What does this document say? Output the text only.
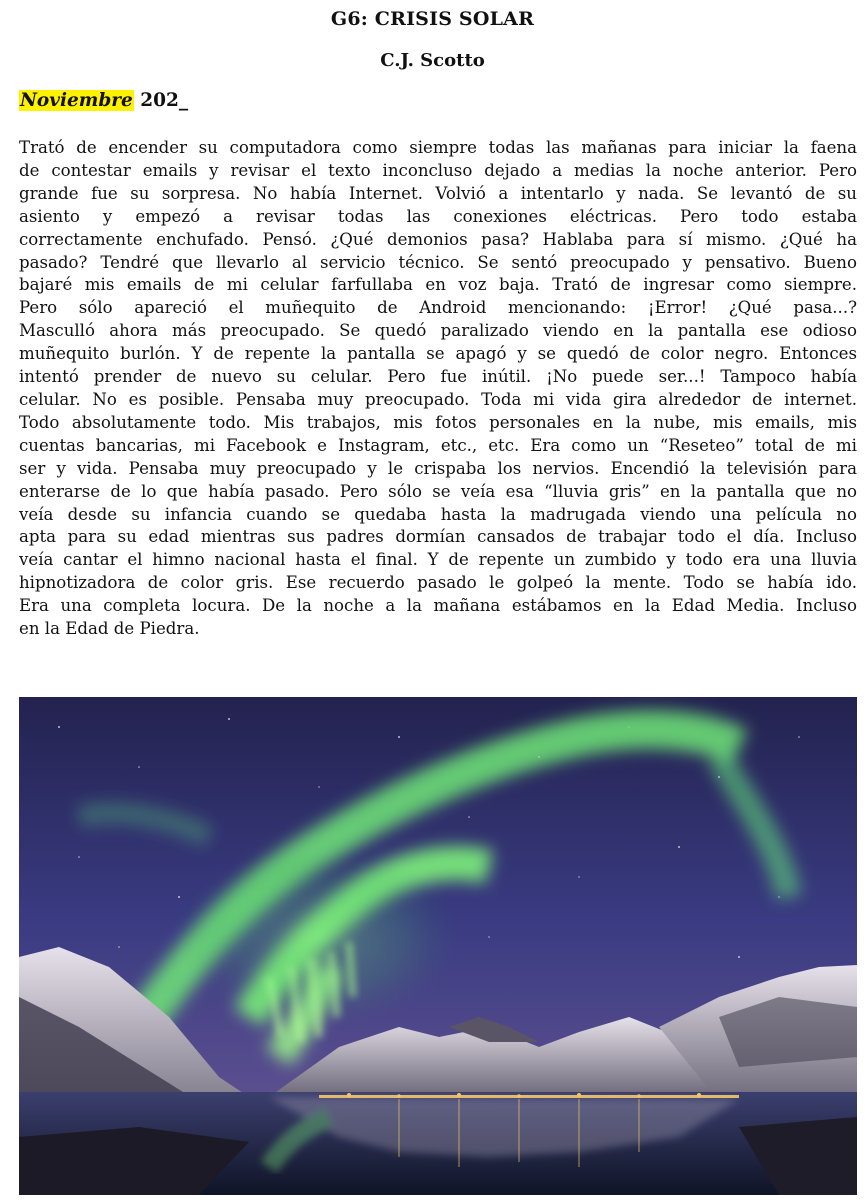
G6: CRISIS SOLAR
C.J. Scotto
Noviembre 202_
Trató de encender su computadora como siempre todas las mañanas para iniciar la faena
de contestar emails y revisar el texto inconcluso dejado a medias la noche anterior. Pero
grande fue su sorpresa. No había Internet. Volvió a intentarlo y nada. Se levantó de su
asiento y empezó a revisar todas las conexiones eléctricas. Pero todo estaba
correctamente enchufado. Pensó. ¿Qué demonios pasa? Hablaba para sí mismo. ¿Qué ha
pasado? Tendré que llevarlo al servicio técnico. Se sentó preocupado y pensativo. Bueno
bajaré mis emails de mi celular farfullaba en voz baja. Trató de ingresar como siempre.
Pero sólo apareció el muñequito de Android mencionando: ¡Error! ¿Qué pasa...?
Masculló ahora más preocupado. Se quedó paralizado viendo en la pantalla ese odioso
muñequito burlón. Y de repente la pantalla se apagó y se quedó de color negro. Entonces
intentó prender de nuevo su celular. Pero fue inútil. ¡No puede ser...! Tampoco había
celular. No es posible. Pensaba muy preocupado. Toda mi vida gira alrededor de internet.
Todo absolutamente todo. Mis trabajos, mis fotos personales en la nube, mis emails, mis
cuentas bancarias, mi Facebook e Instagram, etc., etc. Era como un “Reseteo” total de mi
ser y vida. Pensaba muy preocupado y le crispaba los nervios. Encendió la televisión para
enterarse de lo que había pasado. Pero sólo se veía esa “lluvia gris” en la pantalla que no
veía desde su infancia cuando se quedaba hasta la madrugada viendo una película no
apta para su edad mientras sus padres dormían cansados de trabajar todo el día. Incluso
veía cantar el himno nacional hasta el final. Y de repente un zumbido y todo era una lluvia
hipnotizadora de color gris. Ese recuerdo pasado le golpeó la mente. Todo se había ido.
Era una completa locura. De la noche a la mañana estábamos en la Edad Media. Incluso
en la Edad de Piedra.
